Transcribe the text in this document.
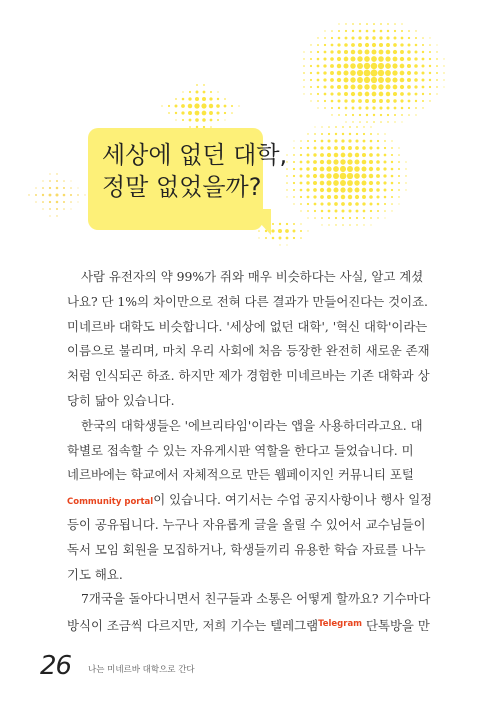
세상에 없던 대학,
정말 없었을까?
사람 유전자의 약 99%가 쥐와 매우 비슷하다는 사실, 알고 계셨
나요? 단 1%의 차이만으로 전혀 다른 결과가 만들어진다는 것이죠.
미네르바 대학도 비슷합니다. '세상에 없던 대학', '혁신 대학'이라는
이름으로 불리며, 마치 우리 사회에 처음 등장한 완전히 새로운 존재
처럼 인식되곤 하죠. 하지만 제가 경험한 미네르바는 기존 대학과 상
당히 닮아 있습니다.
한국의 대학생들은 '에브리타임'이라는 앱을 사용하더라고요. 대
학별로 접속할 수 있는 자유게시판 역할을 한다고 들었습니다. 미
네르바에는 학교에서 자체적으로 만든 웹페이지인 커뮤니티 포털
Community portal이 있습니다. 여기서는 수업 공지사항이나 행사 일정
등이 공유됩니다. 누구나 자유롭게 글을 올릴 수 있어서 교수님들이
독서 모임 회원을 모집하거나, 학생들끼리 유용한 학습 자료를 나누
기도 해요.
7개국을 돌아다니면서 친구들과 소통은 어떻게 할까요? 기수마다
방식이 조금씩 다르지만, 저희 기수는 텔레그램$^{Telegram}$ 단톡방을 만
26 나는 미네르바 대학으로 간다
